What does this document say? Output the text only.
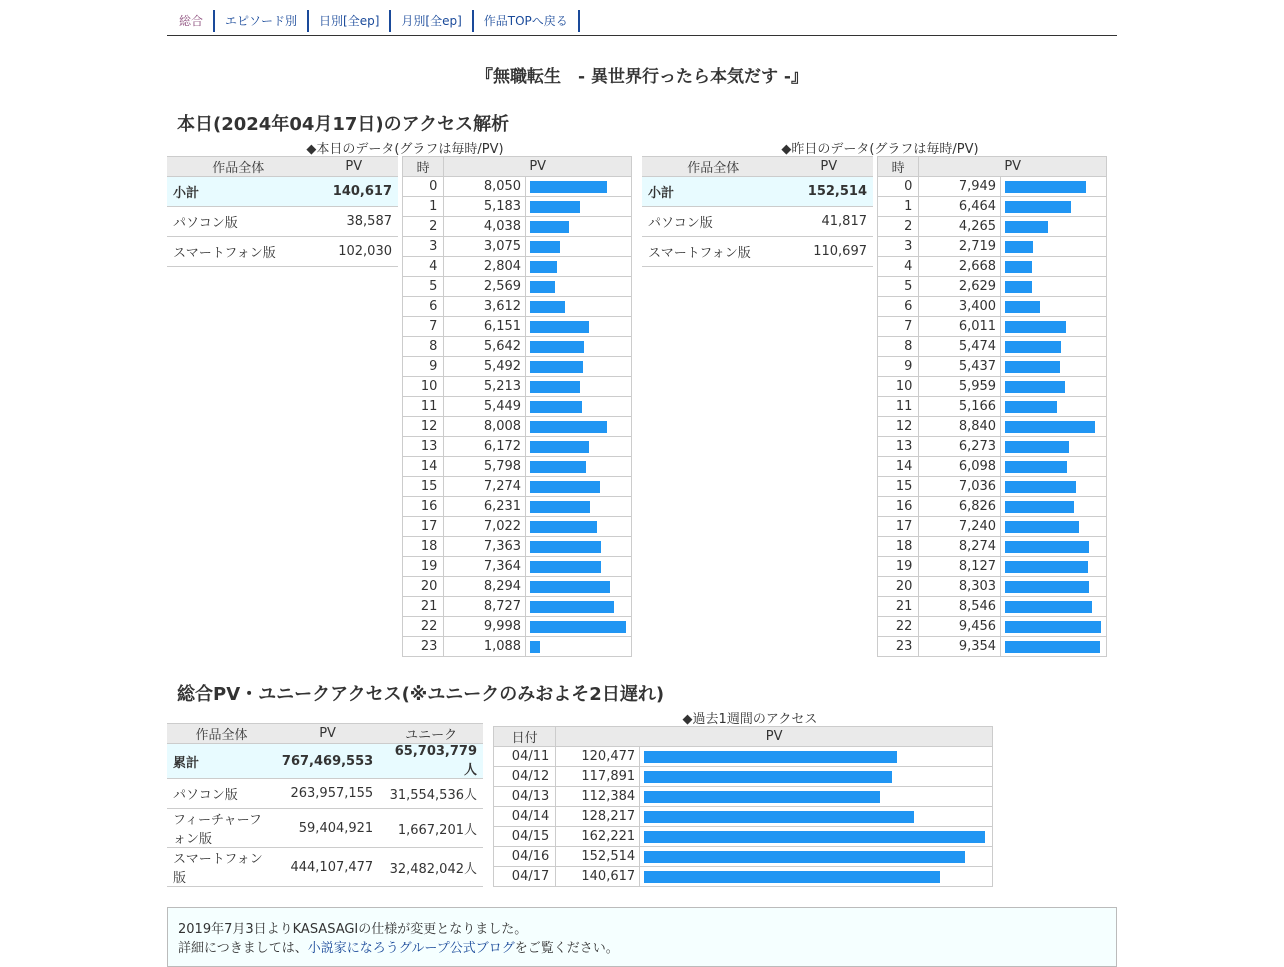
総合	エピソード別	日別[全ep]	月別[全ep]	作品TOPへ戻る
『無職転生　- 異世界行ったら本気だす -』
本日(2024年04月17日)のアクセス解析
◆本日のデータ(グラフは毎時/PV)	◆昨日のデータ(グラフは毎時/PV)
作品全体	PV
小計	140,617
パソコン版	38,587
スマートフォン版	102,030
時	PV	
0	8,050	

1	5,183	

2	4,038	

3	3,075	

4	2,804	

5	2,569	

6	3,612	

7	6,151	

8	5,642	

9	5,492	

10	5,213	

11	5,449	

12	8,008	

13	6,172	

14	5,798	

15	7,274	

16	6,231	

17	7,022	

18	7,363	

19	7,364	

20	8,294	

21	8,727	

22	9,998	

23	1,088	
作品全体	PV
小計	152,514
パソコン版	41,817
スマートフォン版	110,697
時	PV	
0	7,949	

1	6,464	

2	4,265	

3	2,719	

4	2,668	

5	2,629	

6	3,400	

7	6,011	

8	5,474	

9	5,437	

10	5,959	

11	5,166	

12	8,840	

13	6,273	

14	6,098	

15	7,036	

16	6,826	

17	7,240	

18	8,274	

19	8,127	

20	8,303	

21	8,546	

22	9,456	

23	9,354	
総合PV・ユニークアクセス(※ユニークのみおよそ2日遅れ)
作品全体	PV	ユニーク
累計	767,469,553	65,703,779人
パソコン版	263,957,155	31,554,536人
フィーチャーフォン版	59,404,921	1,667,201人
スマートフォン版	444,107,477	32,482,042人
◆過去1週間のアクセス
日付	PV	
04/11	120,477	

04/12	117,891	

04/13	112,384	

04/14	128,217	

04/15	162,221	

04/16	152,514	

04/17	140,617	
2019年7月3日よりKASASAGIの仕様が変更となりました。
詳細につきましては、小説家になろうグループ公式ブログをご覧ください。
